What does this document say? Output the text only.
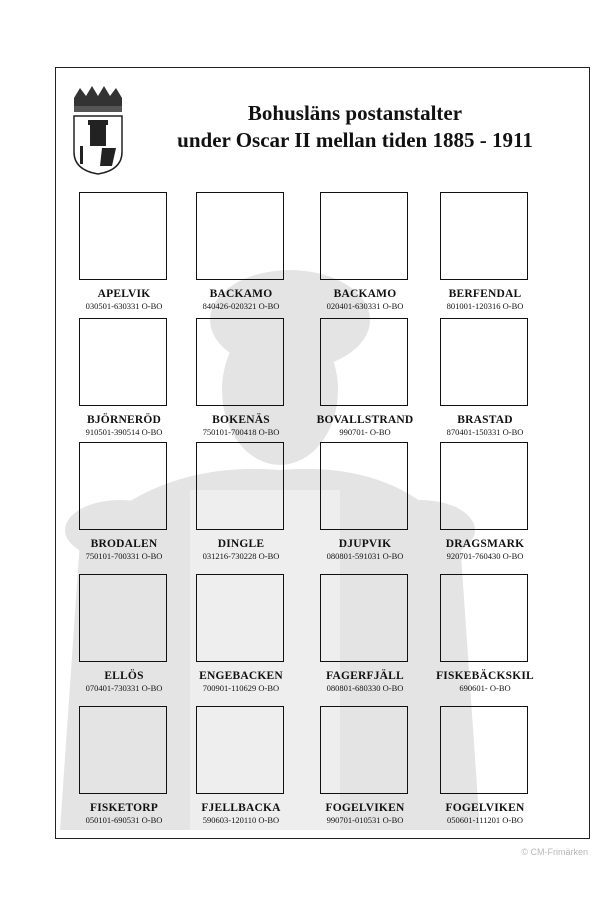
Bohusläns postanstalter
under Oscar II mellan tiden 1885 - 1911
APELVIK
030501-630331 O-BO
BACKAMO
840426-020321 O-BO
BACKAMO
020401-630331 O-BO
BERFENDAL
801001-120316 O-BO
BJÖRNERÖD
910501-390514 O-BO
BOKENÄS
750101-700418 O-BO
BOVALLSTRAND
990701- O-BO
BRASTAD
870401-150331 O-BO
BRODALEN
750101-700331 O-BO
DINGLE
031216-730228 O-BO
DJUPVIK
080801-591031 O-BO
DRAGSMARK
920701-760430 O-BO
ELLÖS
070401-730331 O-BO
ENGEBACKEN
700901-110629 O-BO
FAGERFJÄLL
080801-680330 O-BO
FISKEBÄCKSKIL
690601- O-BO
FISKETORP
050101-690531 O-BO
FJELLBACKA
590603-120110 O-BO
FOGELVIKEN
990701-010531 O-BO
FOGELVIKEN
050601-111201 O-BO
© CM-Frimärken
